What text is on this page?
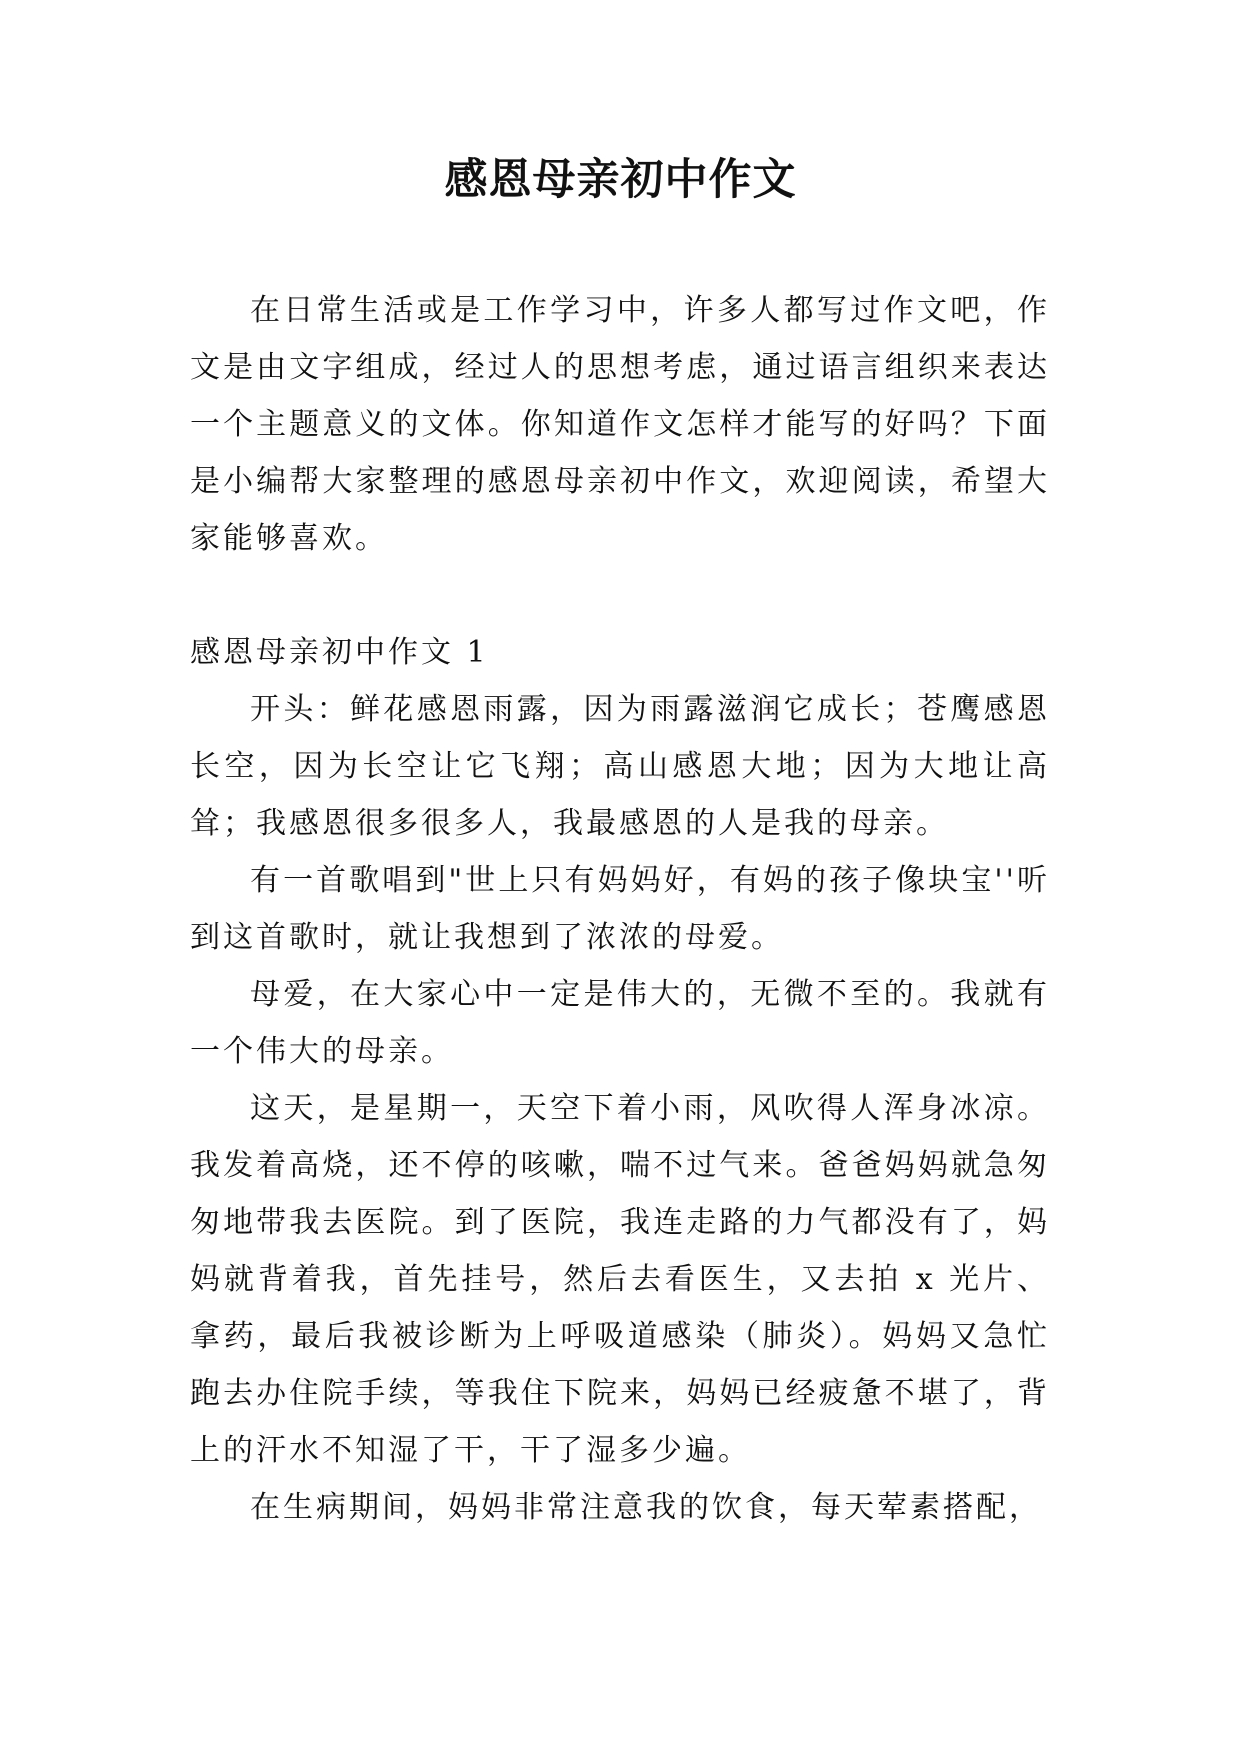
感恩母亲初中作文

在日常生活或是工作学习中，许多人都写过作文吧，作文是由文字组成，经过人的思想考虑，通过语言组织来表达一个主题意义的文体。你知道作文怎样才能写的好吗？下面是小编帮大家整理的感恩母亲初中作文，欢迎阅读，希望大家能够喜欢。

感恩母亲初中作文 1

开头：鲜花感恩雨露，因为雨露滋润它成长；苍鹰感恩长空，因为长空让它飞翔；高山感恩大地；因为大地让高耸；我感恩很多很多人，我最感恩的人是我的母亲。

有一首歌唱到"世上只有妈妈好，有妈的孩子像块宝''听到这首歌时，就让我想到了浓浓的母爱。

母爱，在大家心中一定是伟大的，无微不至的。我就有一个伟大的母亲。

这天，是星期一，天空下着小雨，风吹得人浑身冰凉。我发着高烧，还不停的咳嗽，喘不过气来。爸爸妈妈就急匆匆地带我去医院。到了医院，我连走路的力气都没有了，妈妈就背着我，首先挂号，然后去看医生，又去拍 x 光片、拿药，最后我被诊断为上呼吸道感染（肺炎）。妈妈又急忙跑去办住院手续，等我住下院来，妈妈已经疲惫不堪了，背上的汗水不知湿了干，干了湿多少遍。

在生病期间，妈妈非常注意我的饮食，每天荤素搭配，
